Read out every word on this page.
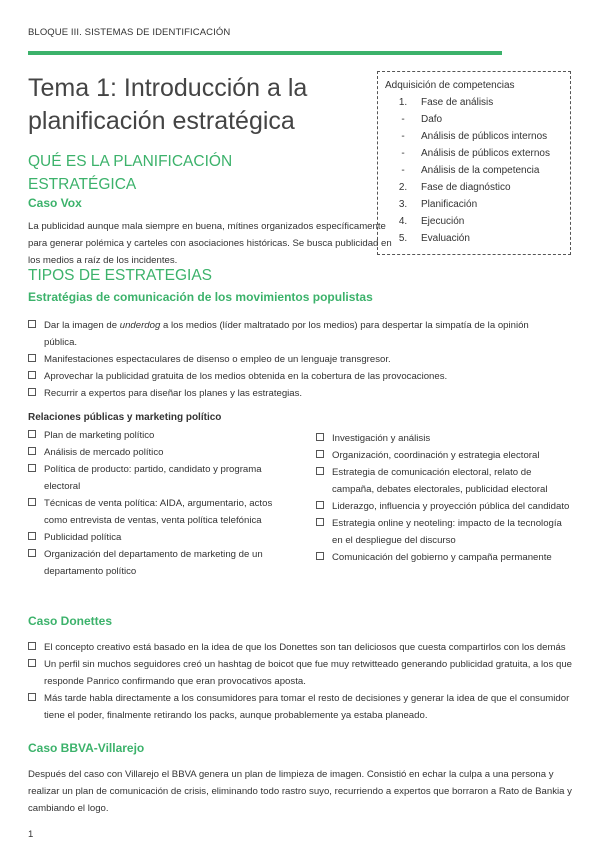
BLOQUE III. SISTEMAS DE IDENTIFICACIÓN
Tema 1: Introducción a la planificación estratégica
Adquisición de competencias
1.	Fase de análisis
-	Dafo
-	Análisis de públicos internos
-	Análisis de públicos externos
-	Análisis de la competencia
2.	Fase de diagnóstico
3.	Planificación
4.	Ejecución
5.	Evaluación
QUÉ ES LA PLANIFICACIÓN ESTRATÉGICA
Caso Vox

La publicidad aunque mala siempre en buena, mítines organizados específicamente para generar polémica y carteles con asociaciones históricas. Se busca publicidad en los medios a raíz de los incidentes.

TIPOS DE ESTRATEGIAS
Estratégias de comunicación de los movimientos populistas
Dar la imagen de underdog a los medios (líder maltratado por los medios) para despertar la simpatía de la opinión pública.
Manifestaciones espectaculares de disenso o empleo de un lenguaje transgresor.
Aprovechar la publicidad gratuita de los medios obtenida en la cobertura de las provocaciones.
Recurrir a expertos para diseñar los planes y las estrategias.
Relaciones públicas y marketing político
Plan de marketing político
Análisis de mercado político
Política de producto: partido, candidato y programa electoral
Técnicas de venta política: AIDA, argumentario, actos como entrevista de ventas, venta política telefónica
Publicidad política
Organización del departamento de marketing de un departamento político
Investigación y análisis
Organización, coordinación y estrategia electoral
Estrategia de comunicación electoral, relato de campaña, debates electorales, publicidad electoral
Liderazgo, influencia y proyección pública del candidato
Estrategia online y neoteling: impacto de la tecnología en el despliegue del discurso
Comunicación del gobierno y campaña permanente
Caso Donettes
El concepto creativo está basado en la idea de que los Donettes son tan deliciosos que cuesta compartirlos con los demás
Un perfil sin muchos seguidores creó un hashtag de boicot que fue muy retwitteado generando publicidad gratuita, a los que responde Panrico confirmando que eran provocativos aposta.
Más tarde habla directamente a los consumidores para tomar el resto de decisiones y generar la idea de que el consumidor tiene el poder, finalmente retirando los packs, aunque probablemente ya estaba planeado.
Caso BBVA-Villarejo

Después del caso con Villarejo el BBVA genera un plan de limpieza de imagen. Consistió en echar la culpa a una persona y realizar un plan de comunicación de crisis, eliminando todo rastro suyo, recurriendo a expertos que borraron a Rato de Bankia y cambiando el logo.

1
